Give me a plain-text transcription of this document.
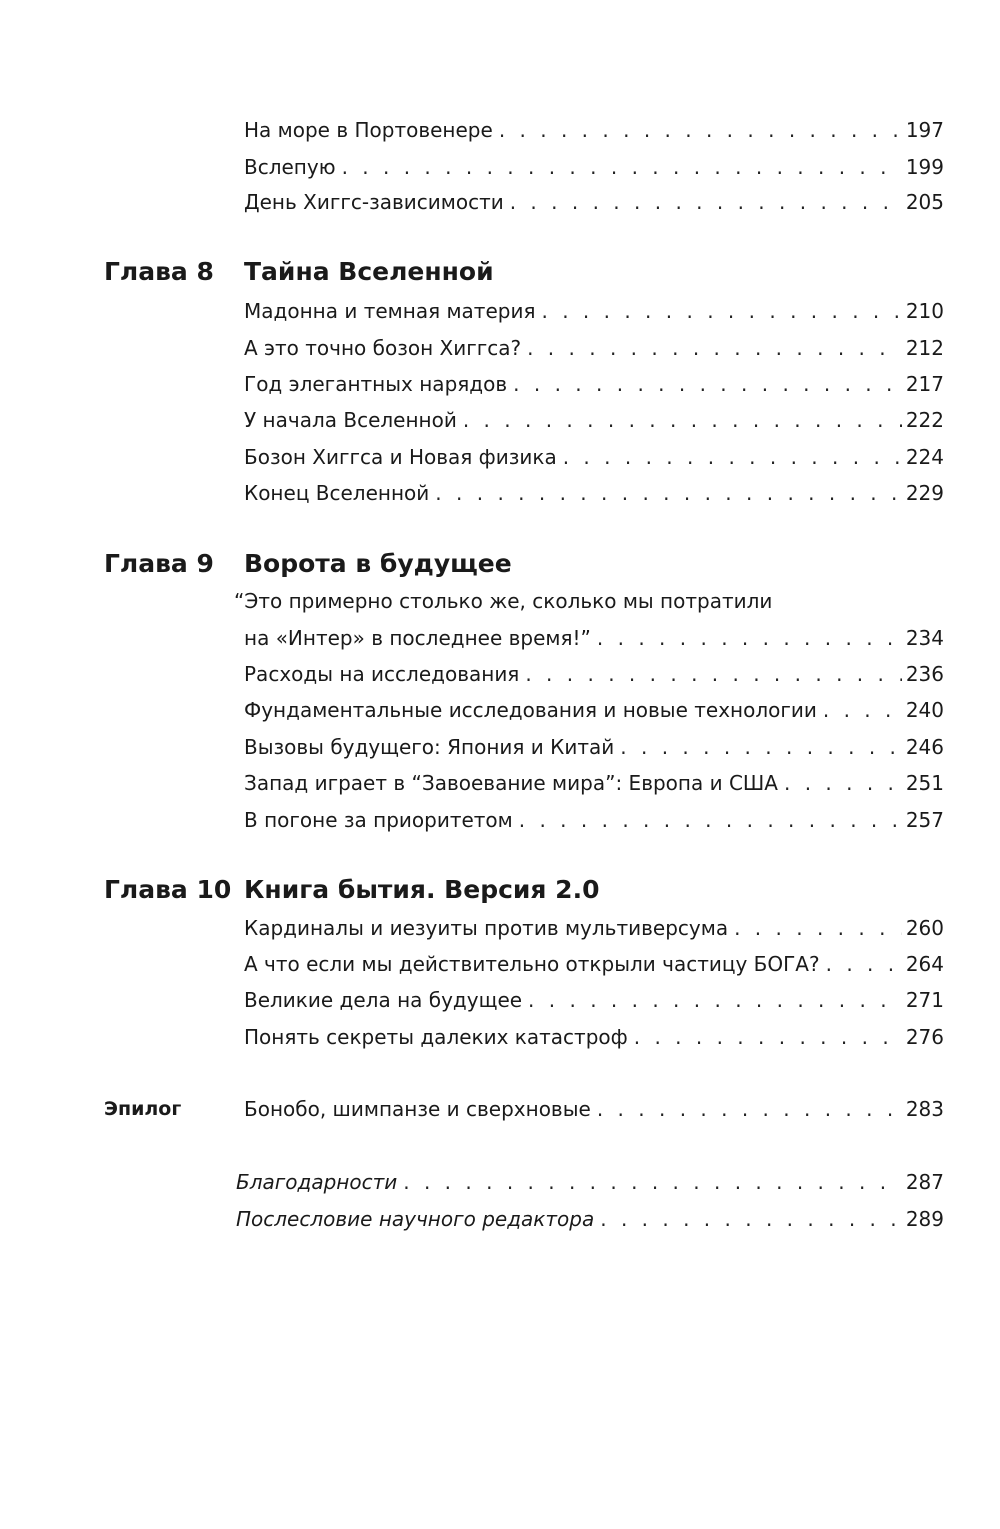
На море в Портовенере . . .	197
Вслепую . . .	199
День Хиггс-зависимости . . .	205
Глава 8 Тайна Вселенной
Мадонна и темная материя . . .	210
А это точно бозон Хиггса? . . .	212
Год элегантных нарядов . . .	217
У начала Вселенной . . .	222
Бозон Хиггса и Новая физика . . .	224
Конец Вселенной . . .	229
Глава 9 Ворота в будущее
“Это примерно столько же, сколько мы потратили
на «Интер» в последнее время!” . . .	234
Расходы на исследования . . .	236
Фундаментальные исследования и новые технологии . . .	240
Вызовы будущего: Япония и Китай . . .	246
Запад играет в “Завоевание мира”: Европа и США . . .	251
В погоне за приоритетом . . .	257
Глава 10 Книга бытия. Версия 2.0
Кардиналы и иезуиты против мультиверсума . . .	260
А что если мы действительно открыли частицу БОГА? . . .	264
Великие дела на будущее . . .	271
Понять секреты далеких катастроф . . .	276
Эпилог	Бонобо, шимпанзе и сверхновые . . .	283
Благодарности . . .	287
Послесловие научного редактора . . .	289
